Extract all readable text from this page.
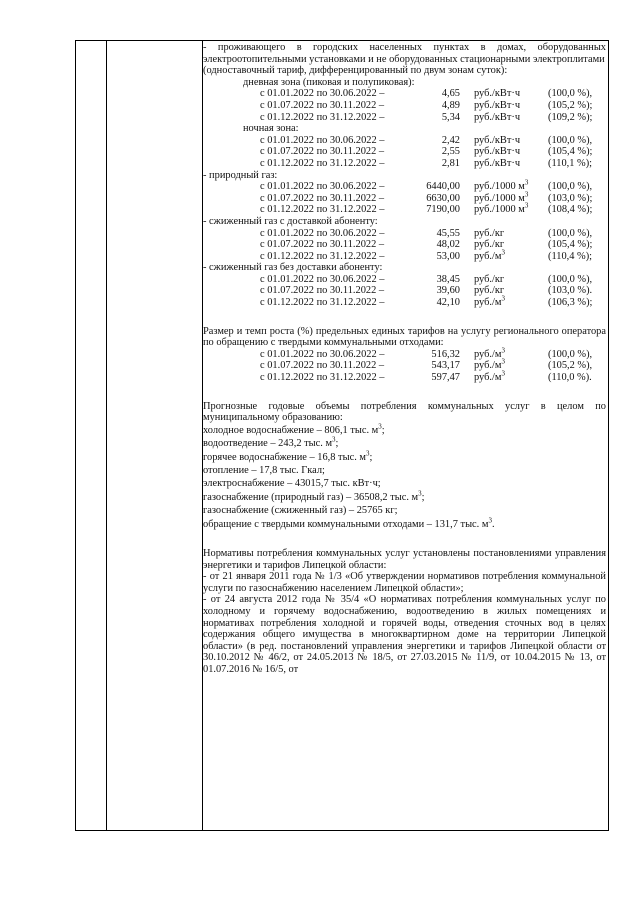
- проживающего в городских населенных пунктах в домах, оборудованных электроотопительными установками и не оборудованных стационарными электроплитами

(одноставочный тариф, дифференцированный по двум зонам суток):

дневная зона (пиковая и полупиковая):

с 01.01.2022 по 30.06.2022 –	4,65	руб./кВт·ч	(100,0 %),
с 01.07.2022 по 30.11.2022 –	4,89	руб./кВт·ч	(105,2 %);
с 01.12.2022 по 31.12.2022 –	5,34	руб./кВт·ч	(109,2 %);

ночная зона:

с 01.01.2022 по 30.06.2022 –	2,42	руб./кВт·ч	(100,0 %),
с 01.07.2022 по 30.11.2022 –	2,55	руб./кВт·ч	(105,4 %);
с 01.12.2022 по 31.12.2022 –	2,81	руб./кВт·ч	(110,1 %);

- природный газ:

с 01.01.2022 по 30.06.2022 –	6440,00	руб./1000 $м^3$	(100,0 %),
с 01.07.2022 по 30.11.2022 –	6630,00	руб./1000 $м^3$	(103,0 %);
с 01.12.2022 по 31.12.2022 –	7190,00	руб./1000 $м^3$	(108,4 %);

- сжиженный газ с доставкой абоненту:

с 01.01.2022 по 30.06.2022 –	45,55	руб./кг	(100,0 %),
с 01.07.2022 по 30.11.2022 –	48,02	руб./кг	(105,4 %);
с 01.12.2022 по 31.12.2022 –	53,00	$руб./м^3$	(110,4 %);

- сжиженный газ без доставки абоненту:

с 01.01.2022 по 30.06.2022 –	38,45	руб./кг	(100,0 %),
с 01.07.2022 по 30.11.2022 –	39,60	руб./кг	(103,0 %).
с 01.12.2022 по 31.12.2022 –	42,10	$руб./м^3$	(106,3 %);

Размер и темп роста (%) предельных единых тарифов на услугу регионального оператора по обращению с твердыми коммунальными отходами:

с 01.01.2022 по 30.06.2022 –	516,32	$руб./м^3$	(100,0 %),
с 01.07.2022 по 30.11.2022 –	543,17	$руб./м^3$	(105,2 %),
с 01.12.2022 по 31.12.2022 –	597,47	$руб./м^3$	(110,0 %).

Прогнозные годовые объемы потребления коммунальных услуг в целом по муниципальному образованию:

холодное водоснабжение – 806,1 тыс. $м^3$;

водоотведение – 243,2 тыс. $м^3$;

горячее водоснабжение – 16,8 тыс. $м^3$;

отопление – 17,8 тыс. Гкал;

электроснабжение – 43015,7 тыс. кВт·ч;

газоснабжение (природный газ) – 36508,2 тыс. $м^3$;

газоснабжение (сжиженный газ) – 25765 кг;

обращение с твердыми коммунальными отходами – 131,7 тыс. $м^3$.

Нормативы потребления коммунальных услуг установлены постановлениями управления энергетики и тарифов Липецкой области:

- от 21 января 2011 года № 1/3 «Об утверждении нормативов потребления коммунальной услуги по газоснабжению населением Липецкой области»;

- от 24 августа 2012 года № 35/4 «О нормативах потребления коммунальных услуг по холодному и горячему водоснабжению, водоотведению в жилых помещениях и нормативах потребления холодной и горячей воды, отведения сточных вод в целях содержания общего имущества в многоквартирном доме на территории Липецкой области» (в ред. постановлений управления энергетики и тарифов Липецкой области от 30.10.2012 № 46/2, от 24.05.2013 № 18/5, от 27.03.2015 № 11/9, от 10.04.2015 № 13, от 01.07.2016 № 16/5, от
